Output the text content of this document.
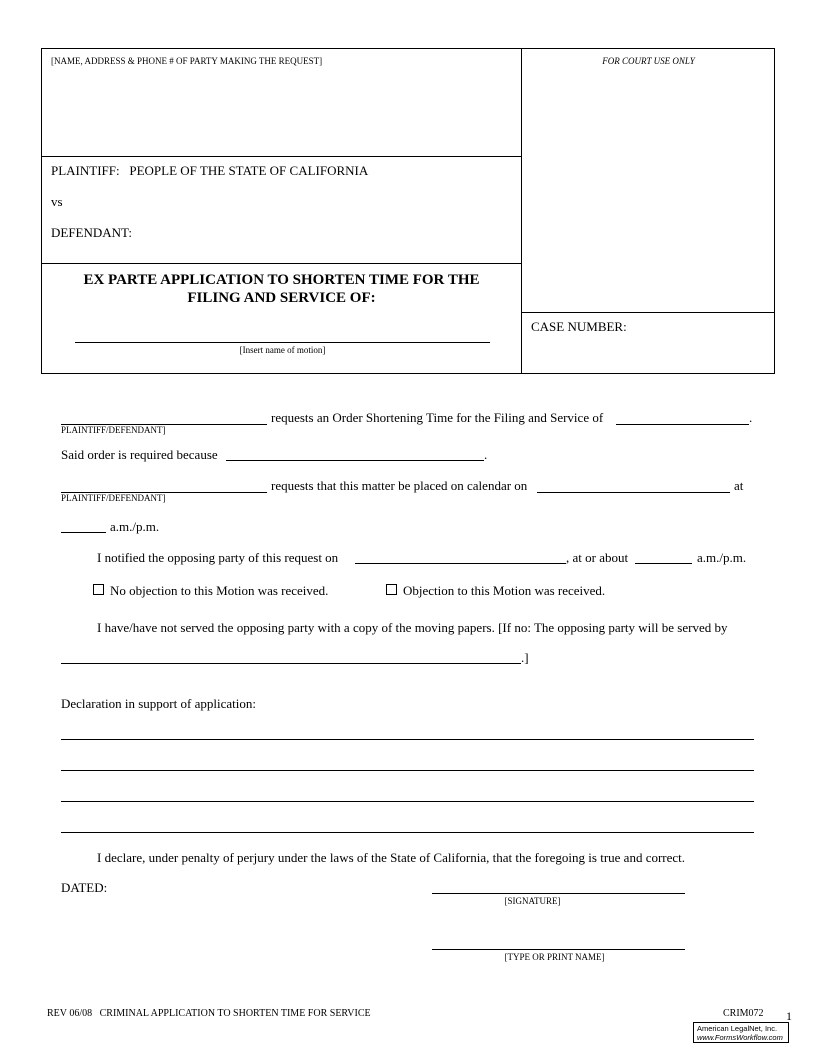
[NAME, ADDRESS & PHONE # OF PARTY MAKING THE REQUEST]	FOR COURT USE ONLY
PLAINTIFF:   PEOPLE OF THE STATE OF CALIFORNIA
vs
DEFENDANT:
EX PARTE APPLICATION TO SHORTEN TIME FOR THE
FILING AND SERVICE OF:
[Insert name of motion]
CASE NUMBER:
requests an Order Shortening Time for the Filing and Service of	.
PLAINTIFF/DEFENDANT]
Said order is required because	.
requests that this matter be placed on calendar on	at
PLAINTIFF/DEFENDANT]
a.m./p.m.
I notified the opposing party of this request on	, at or about	a.m./p.m.
No objection to this Motion was received.	Objection to this Motion was received.
I have/have not served the opposing party with a copy of the moving papers. [If no: The opposing party will be served by
.]
Declaration in support of application:
I declare, under penalty of perjury under the laws of the State of California, that the foregoing is true and correct.
DATED:
[SIGNATURE]
[TYPE OR PRINT NAME]
REV 06/08   CRIMINAL APPLICATION TO SHORTEN TIME FOR SERVICE	CRIM072 1
American LegalNet, Inc.
www.FormsWorkflow.com
